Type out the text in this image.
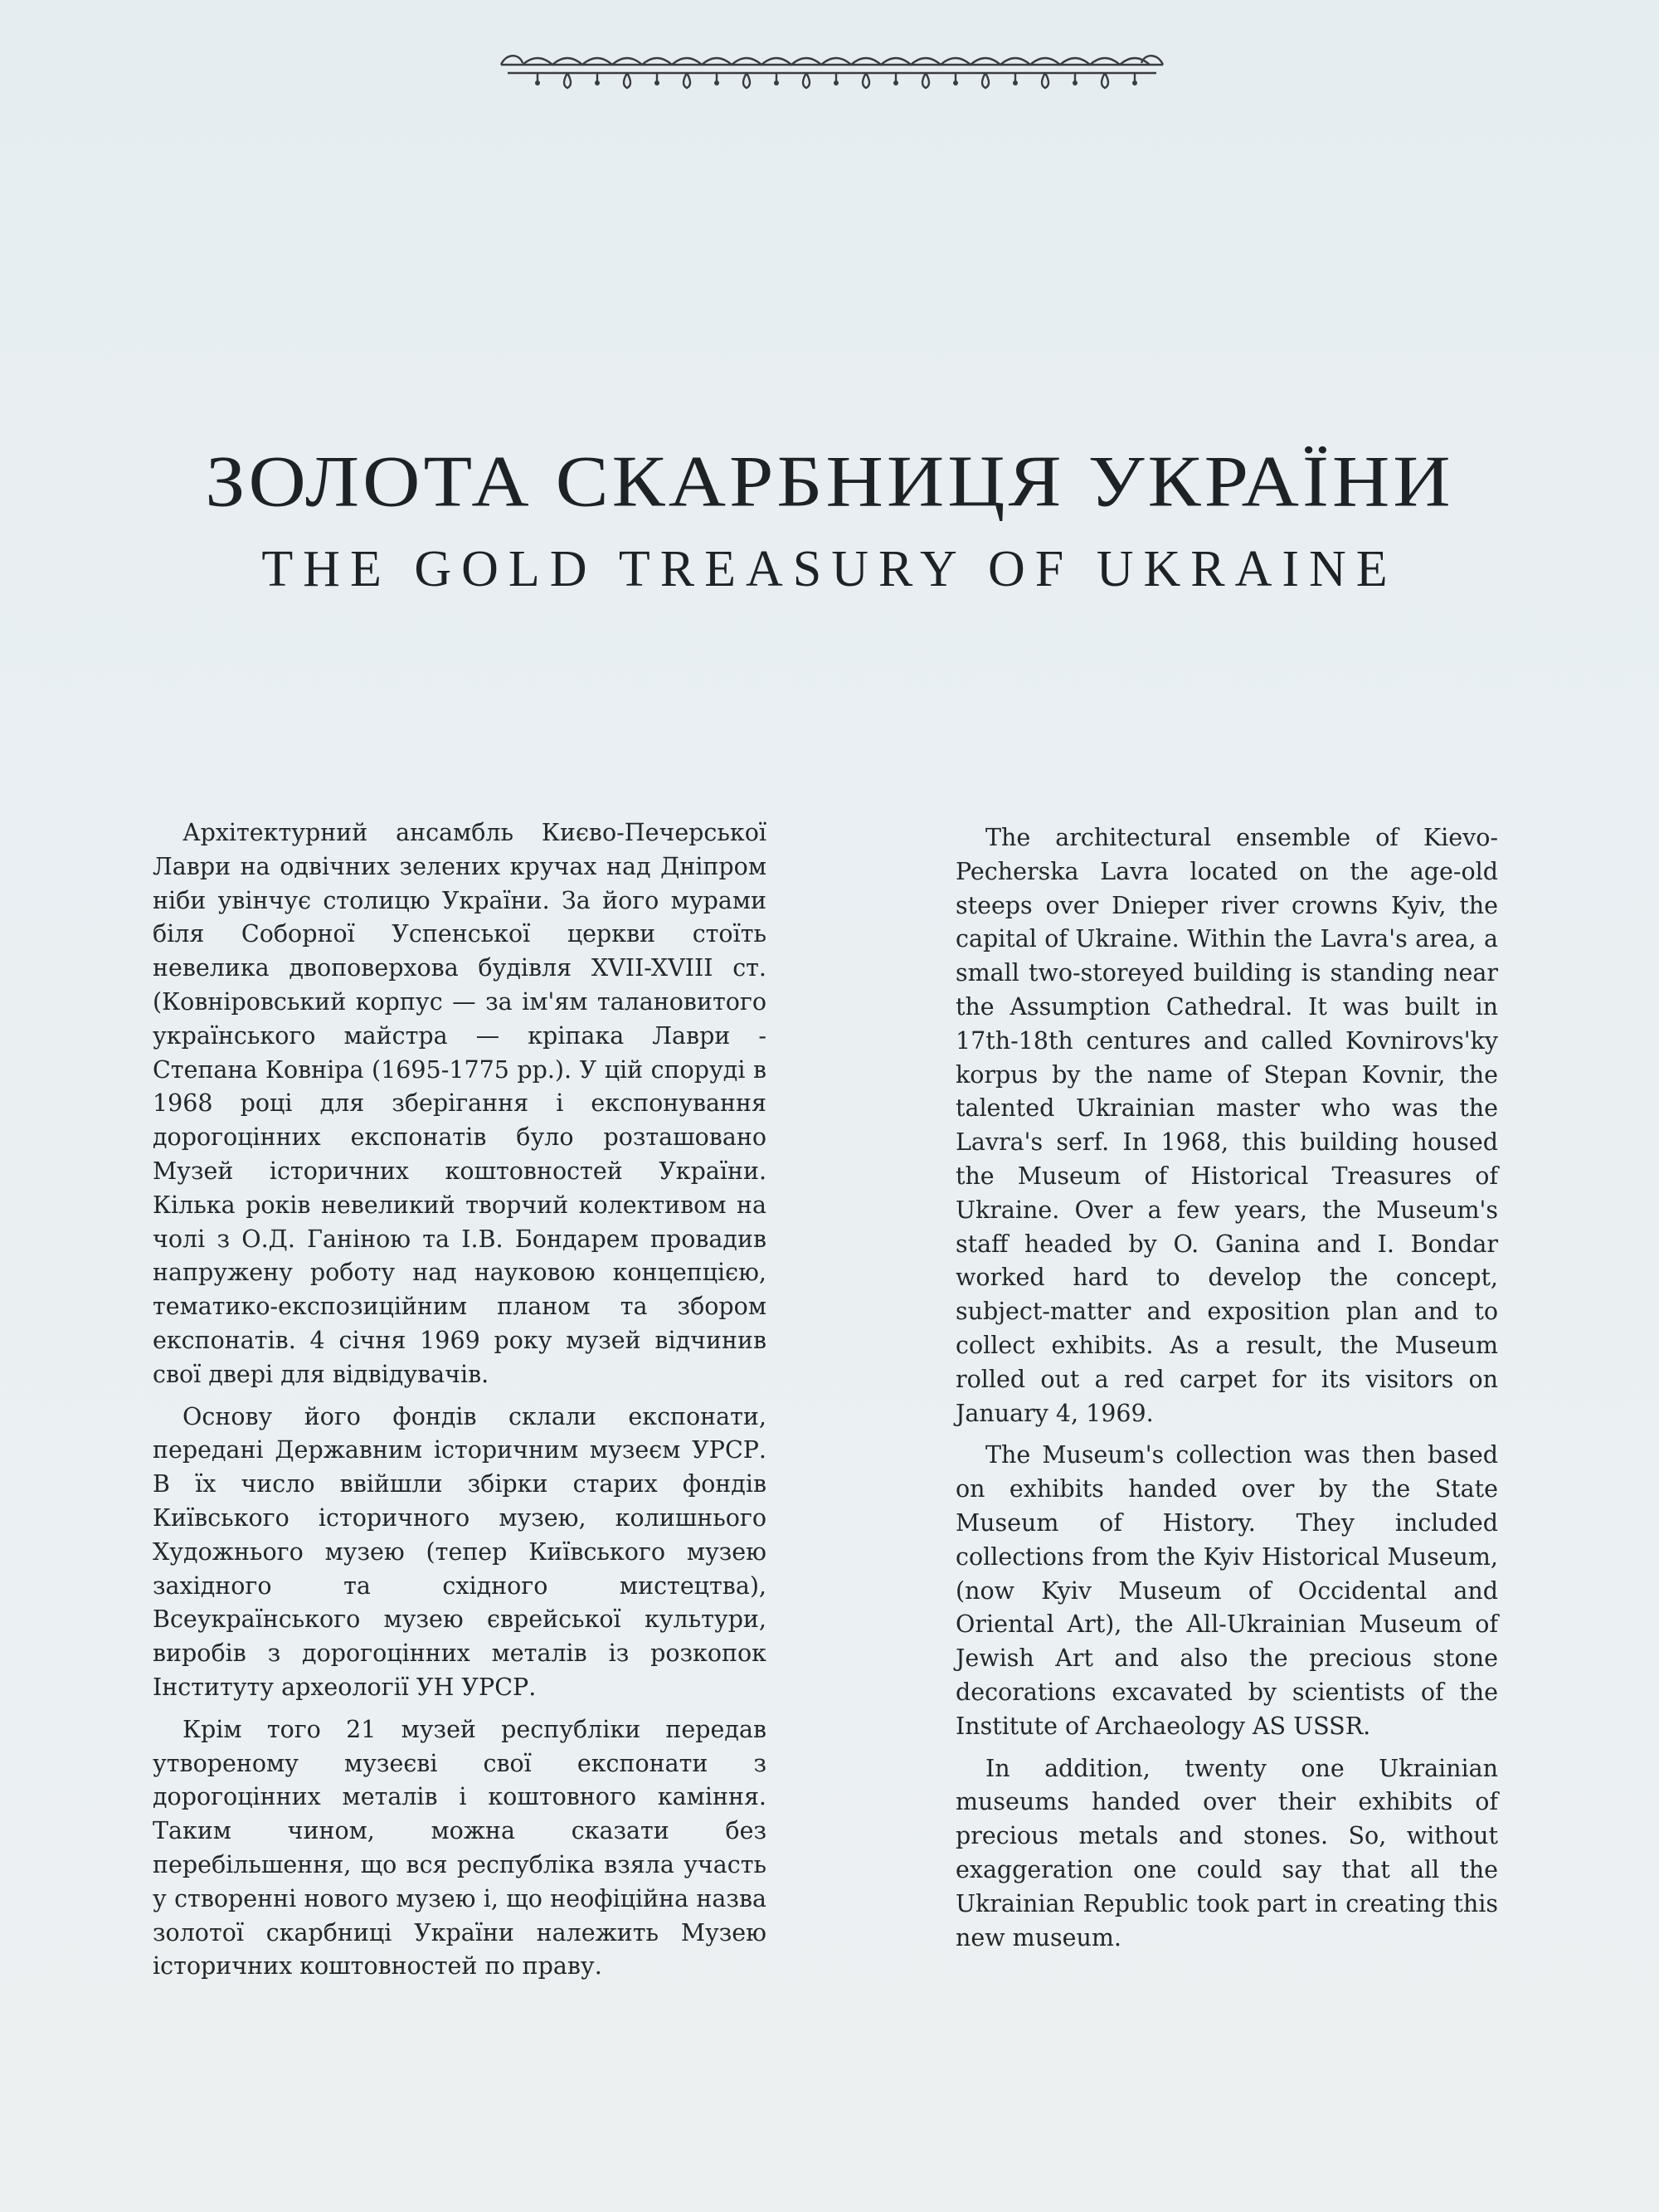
ЗОЛОТА СКАРБНИЦЯ УКРАЇНИ
THE GOLD TREASURY OF UKRAINE

Архітектурний ансамбль Києво-Печерської Лаври на одвічних зелених кручах над Дніпром ніби увінчує столицю України. За його мурами біля Соборної Успенської церкви стоїть невелика двоповерхова будівля XVII-XVIII ст. (Ковніровський корпус — за ім'ям талановитого українського майстра — кріпака Лаври - Степана Ковніра (1695-1775 рр.). У цій споруді в 1968 році для зберігання і експонування дорогоцінних експонатів було розташовано Музей історичних коштовностей України. Кілька років невеликий творчий колективом на чолі з О.Д. Ганіною та І.В. Бондарем провадив напружену роботу над науковою концепцією, тематико-експозиційним планом та збором експонатів. 4 січня 1969 року музей відчинив свої двері для відвідувачів.

Основу його фондів склали експонати, передані Державним історичним музеєм УРСР. В їх число ввійшли збірки старих фондів Київського історичного музею, колишнього Художнього музею (тепер Київського музею західного та східного мистецтва), Всеукраїнського музею єврейської культури, виробів з дорогоцінних металів із розкопок Інституту археології УН УРСР.

Крім того 21 музей республіки передав утвореному музеєві свої експонати з дорогоцінних металів і коштовного каміння. Таким чином, можна сказати без перебільшення, що вся республіка взяла участь у створенні нового музею і, що неофіційна назва золотої скарбниці України належить Музею історичних коштовностей по праву.

The architectural ensemble of Kievo-Pecherska Lavra located on the age-old steeps over Dnieper river crowns Kyiv, the capital of Ukraine. Within the Lavra's area, a small two-storeyed building is standing near the Assumption Cathedral. It was built in 17th-18th centures and called Kovnirovs'ky korpus by the name of Stepan Kovnir, the talented Ukrainian master who was the Lavra's serf. In 1968, this building housed the Museum of Historical Treasures of Ukraine. Over a few years, the Museum's staff headed by O. Ganina and I. Bondar worked hard to develop the concept, subject-matter and exposition plan and to collect exhibits. As a result, the Museum rolled out a red carpet for its visitors on January 4, 1969.

The Museum's collection was then based on exhibits handed over by the State Museum of History. They included collections from the Kyiv Historical Museum, (now Kyiv Museum of Occidental and Oriental Art), the All-Ukrainian Museum of Jewish Art and also the precious stone decorations excavated by scientists of the Institute of Archaeology AS USSR.

In addition, twenty one Ukrainian museums handed over their exhibits of precious metals and stones. So, without exaggeration one could say that all the Ukrainian Republic took part in creating this new museum.
